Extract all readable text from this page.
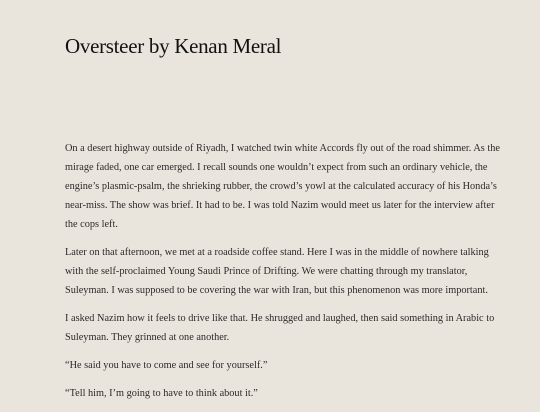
Oversteer by Kenan Meral

On a desert highway outside of Riyadh, I watched twin white Accords fly out of the road shimmer. As the
mirage faded, one car emerged. I recall sounds one wouldn’t expect from such an ordinary vehicle, the
engine’s plasmic-psalm, the shrieking rubber, the crowd’s yowl at the calculated accuracy of his Honda’s
near-miss. The show was brief. It had to be. I was told Nazim would meet us later for the interview after
the cops left.

Later on that afternoon, we met at a roadside coffee stand. Here I was in the middle of nowhere talking
with the self-proclaimed Young Saudi Prince of Drifting. We were chatting through my translator,
Suleyman. I was supposed to be covering the war with Iran, but this phenomenon was more important.

I asked Nazim how it feels to drive like that. He shrugged and laughed, then said something in Arabic to
Suleyman. They grinned at one another.

“He said you have to come and see for yourself.”

“Tell him, I’m going to have to think about it.”
